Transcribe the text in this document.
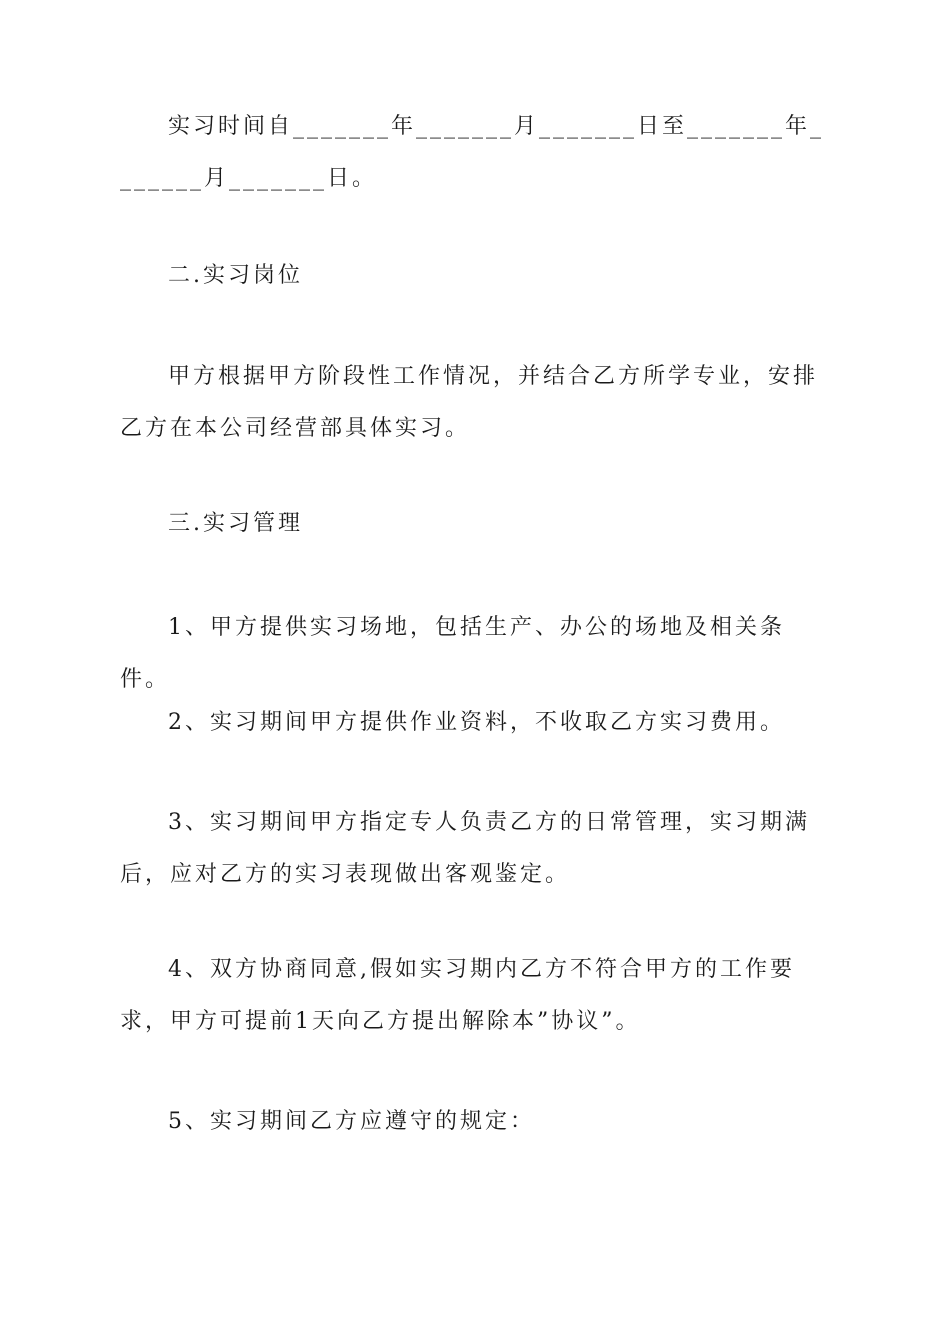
实习时间自_______年_______月_______日至_______年_______月_______日。

二.实习岗位

甲方根据甲方阶段性工作情况，并结合乙方所学专业，安排乙方在本公司经营部具体实习。

三.实习管理

1、甲方提供实习场地，包括生产、办公的场地及相关条件。

2、实习期间甲方提供作业资料，不收取乙方实习费用。

3、实习期间甲方指定专人负责乙方的日常管理，实习期满后，应对乙方的实习表现做出客观鉴定。

4、双方协商同意,假如实习期内乙方不符合甲方的工作要求，甲方可提前1天向乙方提出解除本”协议”。

5、实习期间乙方应遵守的规定：
